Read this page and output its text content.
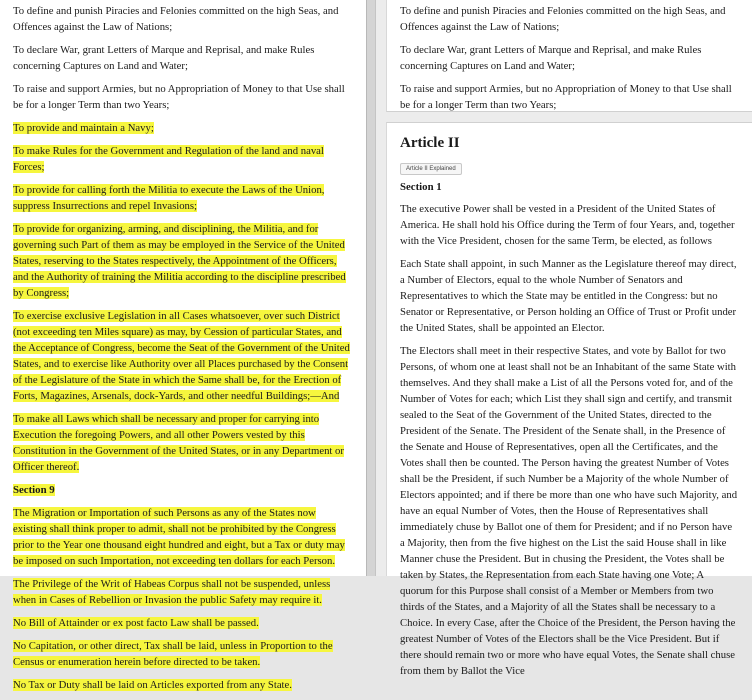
To define and punish Piracies and Felonies committed on the high Seas, and Offences against the Law of Nations;
To declare War, grant Letters of Marque and Reprisal, and make Rules concerning Captures on Land and Water;
To raise and support Armies, but no Appropriation of Money to that Use shall be for a longer Term than two Years;
To provide and maintain a Navy;
To make Rules for the Government and Regulation of the land and naval Forces;
To provide for calling forth the Militia to execute the Laws of the Union, suppress Insurrections and repel Invasions;
To provide for organizing, arming, and disciplining, the Militia, and for governing such Part of them as may be employed in the Service of the United States, reserving to the States respectively, the Appointment of the Officers, and the Authority of training the Militia according to the discipline prescribed by Congress;
To exercise exclusive Legislation in all Cases whatsoever, over such District (not exceeding ten Miles square) as may, by Cession of particular States, and the Acceptance of Congress, become the Seat of the Government of the United States, and to exercise like Authority over all Places purchased by the Consent of the Legislature of the State in which the Same shall be, for the Erection of Forts, Magazines, Arsenals, dock-Yards, and other needful Buildings;—And
To make all Laws which shall be necessary and proper for carrying into Execution the foregoing Powers, and all other Powers vested by this Constitution in the Government of the United States, or in any Department or Officer thereof.
Section 9
The Migration or Importation of such Persons as any of the States now existing shall think proper to admit, shall not be prohibited by the Congress prior to the Year one thousand eight hundred and eight, but a Tax or duty may be imposed on such Importation, not exceeding ten dollars for each Person.
The Privilege of the Writ of Habeas Corpus shall not be suspended, unless when in Cases of Rebellion or Invasion the public Safety may require it.
No Bill of Attainder or ex post facto Law shall be passed.
No Capitation, or other direct, Tax shall be laid, unless in Proportion to the Census or enumeration herein before directed to be taken.
No Tax or Duty shall be laid on Articles exported from any State.
To define and punish Piracies and Felonies committed on the high Seas, and Offences against the Law of Nations;
To declare War, grant Letters of Marque and Reprisal, and make Rules concerning Captures on Land and Water;
To raise and support Armies, but no Appropriation of Money to that Use shall be for a longer Term than two Years;
Article II
Article II Explained
Section 1
The executive Power shall be vested in a President of the United States of America. He shall hold his Office during the Term of four Years, and, together with the Vice President, chosen for the same Term, be elected, as follows
Each State shall appoint, in such Manner as the Legislature thereof may direct, a Number of Electors, equal to the whole Number of Senators and Representatives to which the State may be entitled in the Congress: but no Senator or Representative, or Person holding an Office of Trust or Profit under the United States, shall be appointed an Elector.
The Electors shall meet in their respective States, and vote by Ballot for two Persons, of whom one at least shall not be an Inhabitant of the same State with themselves. And they shall make a List of all the Persons voted for, and of the Number of Votes for each; which List they shall sign and certify, and transmit sealed to the Seat of the Government of the United States, directed to the President of the Senate. The President of the Senate shall, in the Presence of the Senate and House of Representatives, open all the Certificates, and the Votes shall then be counted. The Person having the greatest Number of Votes shall be the President, if such Number be a Majority of the whole Number of Electors appointed; and if there be more than one who have such Majority, and have an equal Number of Votes, then the House of Representatives shall immediately chuse by Ballot one of them for President; and if no Person have a Majority, then from the five highest on the List the said House shall in like Manner chuse the President. But in chusing the President, the Votes shall be taken by States, the Representation from each State having one Vote; A quorum for this Purpose shall consist of a Member or Members from two thirds of the States, and a Majority of all the States shall be necessary to a Choice. In every Case, after the Choice of the President, the Person having the greatest Number of Votes of the Electors shall be the Vice President. But if there should remain two or more who have equal Votes, the Senate shall chuse from them by Ballot the Vice
